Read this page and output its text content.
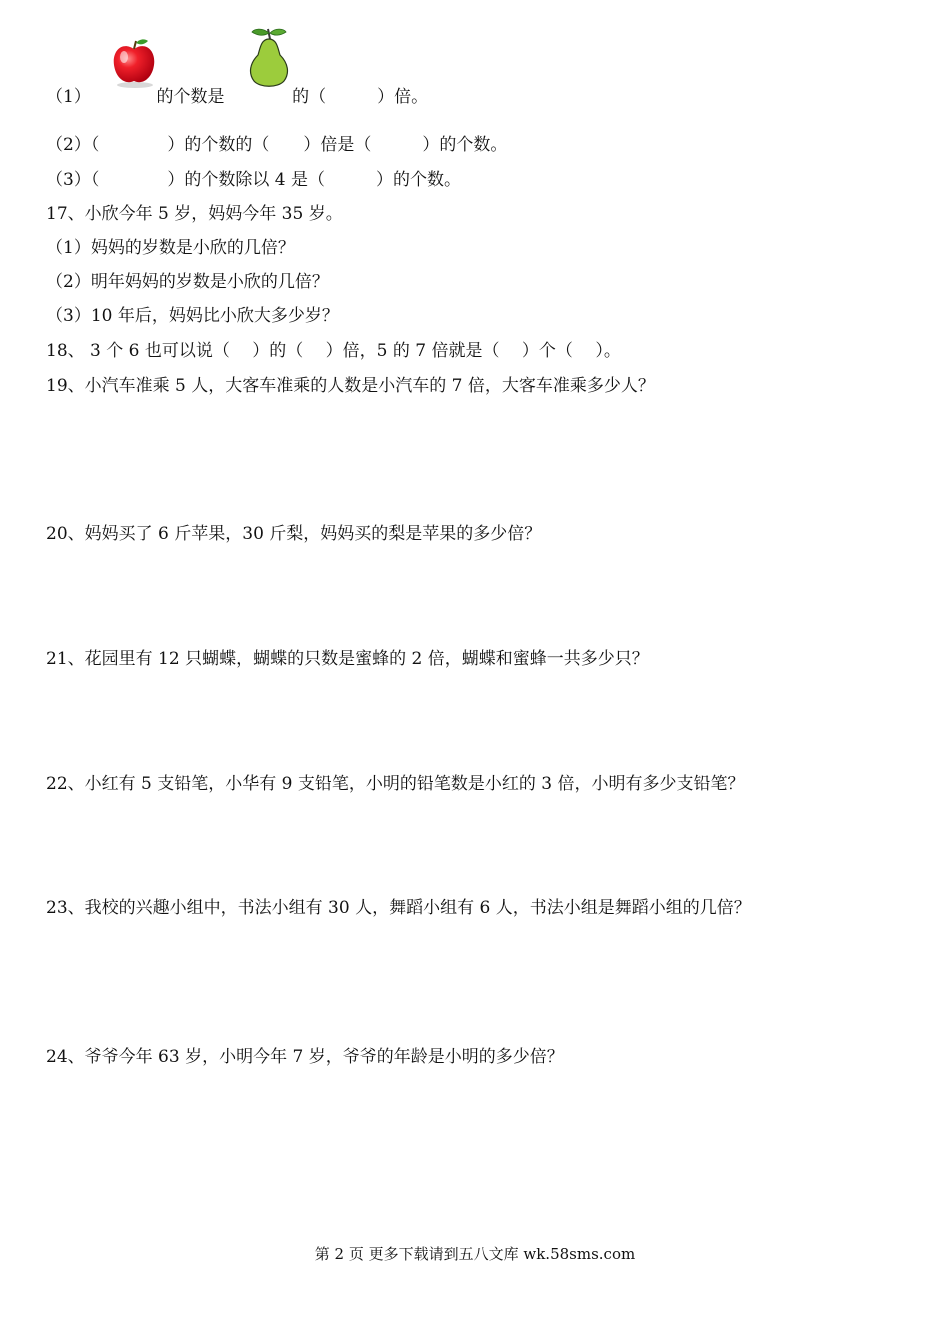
（1）

	的个数是

	的（　　　）倍。
（2）（　　　　）的个数的（　　）倍是（　　　）的个数。
（3）（　　　　）的个数除以 4 是（　　　）的个数。
17、小欣今年 5 岁，妈妈今年 35 岁。
（1）妈妈的岁数是小欣的几倍？
（2）明年妈妈的岁数是小欣的几倍？
（3）10 年后，妈妈比小欣大多少岁？
18、 3 个 6 也可以说（　 ）的（　 ）倍，5 的 7 倍就是（　 ）个（　 ）。
19、小汽车准乘 5 人，大客车准乘的人数是小汽车的 7 倍，大客车准乘多少人？
20、妈妈买了 6 斤苹果，30 斤梨，妈妈买的梨是苹果的多少倍？
21、花园里有 12 只蝴蝶，蝴蝶的只数是蜜蜂的 2 倍，蝴蝶和蜜蜂一共多少只？
22、小红有 5 支铅笔，小华有 9 支铅笔，小明的铅笔数是小红的 3 倍，小明有多少支铅笔？
23、我校的兴趣小组中，书法小组有 30 人，舞蹈小组有 6 人，书法小组是舞蹈小组的几倍？
24、爷爷今年 63 岁，小明今年 7 岁，爷爷的年龄是小明的多少倍？
第 2 页 更多下载请到五八文库 wk.58sms.com
